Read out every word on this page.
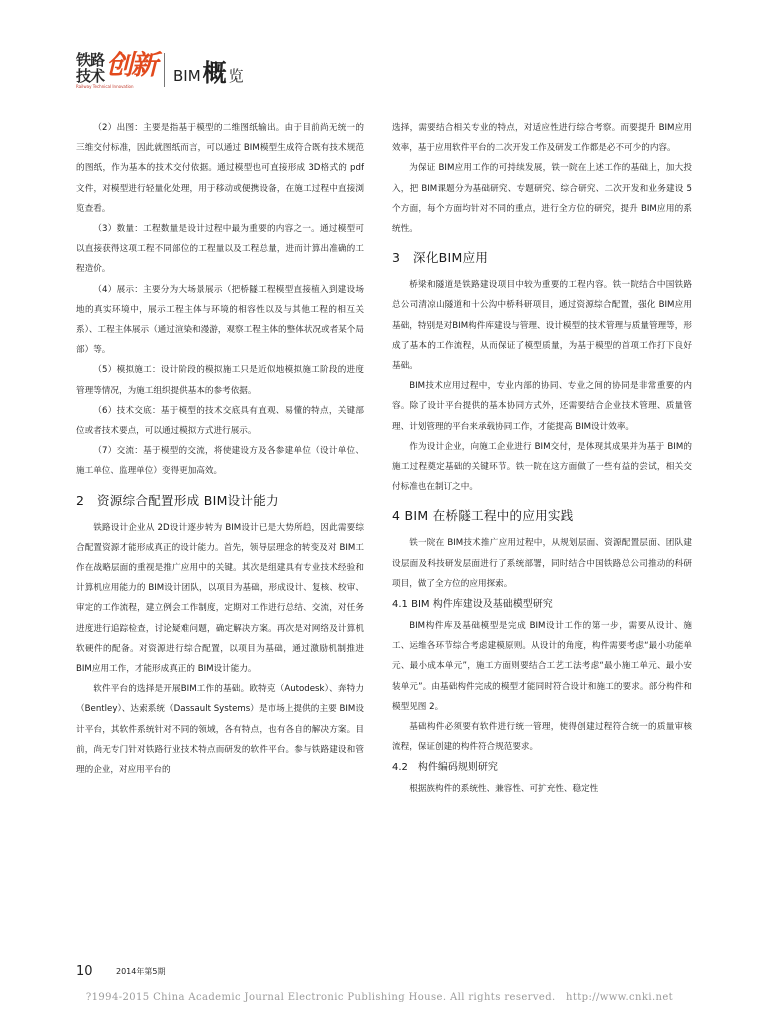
铁路
技术 创新
Railway Technical Innovation
BIM 概 览

（2）出图：主要是指基于模型的二维图纸输出。由于目前尚无统一的三维交付标准，因此就图纸而言，可以通过 BIM模型生成符合既有技术规范的图纸，作为基本的技术交付依据。通过模型也可直接形成 3D格式的 pdf 文件，对模型进行轻量化处理，用于移动或便携设备，在施工过程中直接浏览查看。

（3）数量：工程数量是设计过程中最为重要的内容之一。通过模型可以直接获得这项工程不同部位的工程量以及工程总量，进而计算出准确的工程造价。

（4）展示：主要分为大场景展示（把桥隧工程模型直接植入到建设场地的真实环境中，展示工程主体与环境的相容性以及与其他工程的相互关系）、工程主体展示（通过渲染和漫游，观察工程主体的整体状况或者某个局部）等。

（5）模拟施工：设计阶段的模拟施工只是近似地模拟施工阶段的进度管理等情况，为施工组织提供基本的参考依据。

（6）技术交底：基于模型的技术交底具有直观、易懂的特点，关键部位或者技术要点，可以通过模拟方式进行展示。

（7）交流：基于模型的交流，将使建设方及各参建单位（设计单位、施工单位、监理单位）变得更加高效。

2　资源综合配置形成 BIM设计能力

铁路设计企业从 2D设计逐步转为 BIM设计已是大势所趋，因此需要综合配置资源才能形成真正的设计能力。首先，领导层理念的转变及对 BIM工作在战略层面的重视是推广应用中的关键。其次是组建具有专业技术经验和计算机应用能力的 BIM设计团队，以项目为基础，形成设计、复核、校审、审定的工作流程，建立例会工作制度，定期对工作进行总结、交流，对任务进度进行追踪检查，讨论疑难问题，确定解决方案。再次是对网络及计算机软硬件的配备。对资源进行综合配置，以项目为基础，通过激励机制推进 BIM应用工作，才能形成真正的 BIM设计能力。

软件平台的选择是开展BIM工作的基础。欧特克（Autodesk）、奔特力（Bentley）、达索系统（Dassault Systems）是市场上提供的主要 BIM设计平台，其软件系统针对不同的领域，各有特点，也有各自的解决方案。目前，尚无专门针对铁路行业技术特点而研发的软件平台。参与铁路建设和管理的企业，对应用平台的

选择，需要结合相关专业的特点，对适应性进行综合考察。而要提升 BIM应用效率，基于应用软件平台的二次开发工作及研发工作都是必不可少的内容。

为保证 BIM应用工作的可持续发展，铁一院在上述工作的基础上，加大投入，把 BIM课题分为基础研究、专题研究、综合研究、二次开发和业务建设 5个方面，每个方面均针对不同的重点，进行全方位的研究，提升 BIM应用的系统性。

3　深化BIM应用

桥梁和隧道是铁路建设项目中较为重要的工程内容。铁一院结合中国铁路总公司清凉山隧道和十公沟中桥科研项目，通过资源综合配置，强化 BIM应用基础，特别是对BIM构件库建设与管理、设计模型的技术管理与质量管理等，形成了基本的工作流程，从而保证了模型质量，为基于模型的首项工作打下良好基础。

BIM技术应用过程中，专业内部的协同、专业之间的协同是非常重要的内容。除了设计平台提供的基本协同方式外，还需要结合企业技术管理、质量管理、计划管理的平台来承载协同工作，才能提高 BIM设计效率。

作为设计企业，向施工企业进行 BIM交付，是体现其成果并为基于 BIM的施工过程奠定基础的关键环节。铁一院在这方面做了一些有益的尝试，相关交付标准也在制订之中。

4 BIM 在桥隧工程中的应用实践

铁一院在 BIM技术推广应用过程中，从规划层面、资源配置层面、团队建设层面及科技研发层面进行了系统部署，同时结合中国铁路总公司推动的科研项目，做了全方位的应用探索。

4.1 BIM 构件库建设及基础模型研究

BIM构件库及基础模型是完成 BIM设计工作的第一步，需要从设计、施工、运维各环节综合考虑建模原则。从设计的角度，构件需要考虑“最小功能单元、最小成本单元”，施工方面则要结合工艺工法考虑“最小施工单元、最小安装单元”。由基础构件完成的模型才能同时符合设计和施工的要求。部分构件和模型见图 2。

基础构件必须要有软件进行统一管理，使得创建过程符合统一的质量审核流程，保证创建的构件符合规范要求。

4.2　构件编码规则研究

根据族构件的系统性、兼容性、可扩充性、稳定性

10	2014年第5期
?1994-2015 China Academic Journal Electronic Publishing House. All rights reserved.　http://www.cnki.net
